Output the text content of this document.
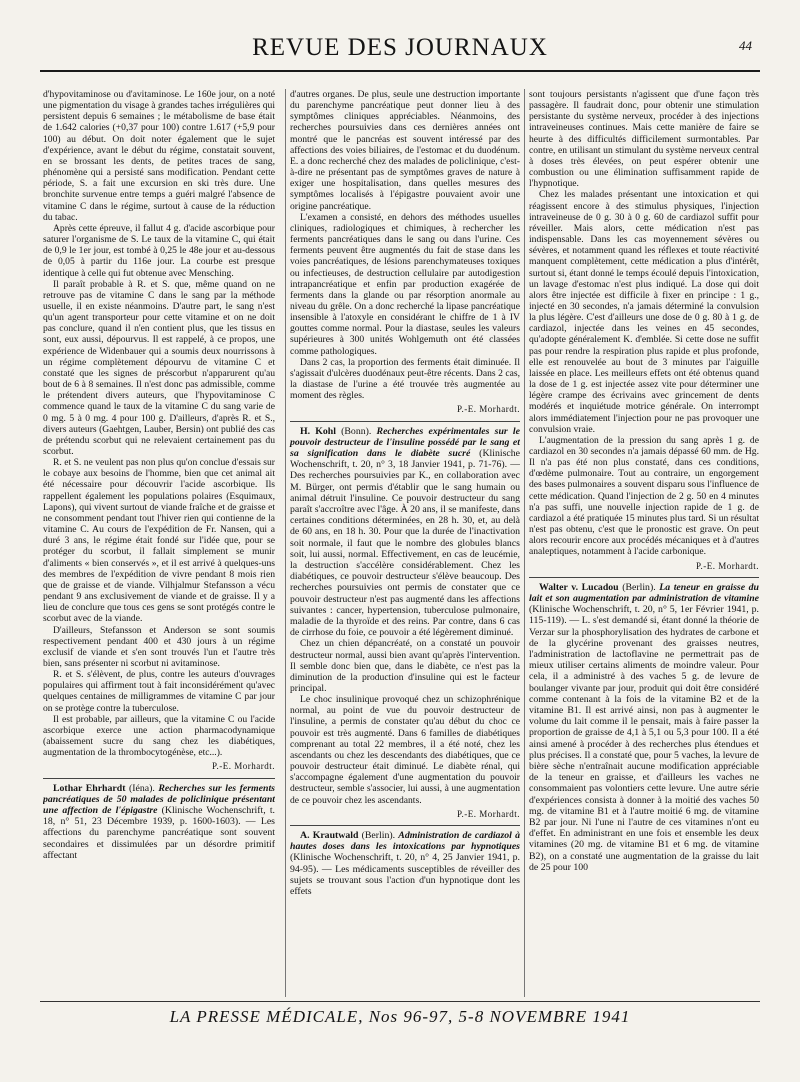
REVUE DES JOURNAUX	44

d'hypovitaminose ou d'avitaminose. Le 160e jour, on a noté une pigmentation du visage à grandes taches irrégulières qui persistent depuis 6 semaines ; le métabolisme de base était de 1.642 calories (+0,37 pour 100) contre 1.617 (+5,9 pour 100) au début. On doit noter également que le sujet d'expérience, avant le début du régime, constatait souvent, en se brossant les dents, de petites traces de sang, phénomène qui a persisté sans modification. Pendant cette période, S. a fait une excursion en ski très dure. Une bronchite survenue entre temps a guéri malgré l'absence de vitamine C dans le régime, surtout à cause de la réduction du tabac.

Après cette épreuve, il fallut 4 g. d'acide ascorbique pour saturer l'organisme de S. Le taux de la vitamine C, qui était de 0,9 le 1er jour, est tombé à 0,25 le 48e jour et au-dessous de 0,05 à partir du 116e jour. La courbe est presque identique à celle qui fut obtenue avec Mensching.

Il paraît probable à R. et S. que, même quand on ne retrouve pas de vitamine C dans le sang par la méthode usuelle, il en existe néanmoins. D'autre part, le sang n'est qu'un agent transporteur pour cette vitamine et on ne doit pas conclure, quand il n'en contient plus, que les tissus en sont, eux aussi, dépourvus. Il est rappelé, à ce propos, une expérience de Widenbauer qui a soumis deux nourrissons à un régime complètement dépourvu de vitamine C et constaté que les signes de préscorbut n'apparurent qu'au bout de 6 à 8 semaines. Il n'est donc pas admissible, comme le prétendent divers auteurs, que l'hypovitaminose C commence quand le taux de la vitamine C du sang varie de 0 mg. 5 à 0 mg. 4 pour 100 g. D'ailleurs, d'après R. et S., divers auteurs (Gaehtgen, Lauber, Bersin) ont publié des cas de prétendu scorbut qui ne relevaient certainement pas du scorbut.

R. et S. ne veulent pas non plus qu'on conclue d'essais sur le cobaye aux besoins de l'homme, bien que cet animal ait été nécessaire pour découvrir l'acide ascorbique. Ils rappellent également les populations polaires (Esquimaux, Lapons), qui vivent surtout de viande fraîche et de graisse et ne consomment pendant tout l'hiver rien qui contienne de la vitamine C. Au cours de l'expédition de Fr. Nansen, qui a duré 3 ans, le régime était fondé sur l'idée que, pour se protéger du scorbut, il fallait simplement se munir d'aliments « bien conservés », et il est arrivé à quelques-uns des membres de l'expédition de vivre pendant 8 mois rien que de graisse et de viande. Vilhjalmur Stefansson a vécu pendant 9 ans exclusivement de viande et de graisse. Il y a lieu de conclure que tous ces gens se sont protégés contre le scorbut avec de la viande.

D'ailleurs, Stefansson et Anderson se sont soumis respectivement pendant 400 et 430 jours à un régime exclusif de viande et s'en sont trouvés l'un et l'autre très bien, sans présenter ni scorbut ni avitaminose.

R. et S. s'élèvent, de plus, contre les auteurs d'ouvrages populaires qui affirment tout à fait inconsidérément qu'avec quelques centaines de milligrammes de vitamine C par jour on se protège contre la tuberculose.

Il est probable, par ailleurs, que la vitamine C ou l'acide ascorbique exerce une action pharmacodynamique (abaissement sucre du sang chez les diabétiques, augmentation de la thrombocytogénèse, etc...).

P.-E. Morhardt.

Lothar Ehrhardt (Iéna). Recherches sur les ferments pancréatiques de 50 malades de policlinique présentant une affection de l'épigastre (Klinische Wochenschrift, t. 18, n° 51, 23 Décembre 1939, p. 1600-1603). — Les affections du parenchyme pancréatique sont souvent secondaires et dissimulées par un désordre primitif affectant

d'autres organes. De plus, seule une destruction importante du parenchyme pancréatique peut donner lieu à des symptômes cliniques appréciables. Néanmoins, des recherches poursuivies dans ces dernières années ont montré que le pancréas est souvent intéressé par des affections des voies biliaires, de l'estomac et du duodénum. E. a donc recherché chez des malades de policlinique, c'est-à-dire ne présentant pas de symptômes graves de nature à exiger une hospitalisation, dans quelles mesures des symptômes localisés à l'épigastre pouvaient avoir une origine pancréatique.

L'examen a consisté, en dehors des méthodes usuelles cliniques, radiologiques et chimiques, à rechercher les ferments pancréatiques dans le sang ou dans l'urine. Ces ferments peuvent être augmentés du fait de stase dans les voies pancréatiques, de lésions parenchymateuses toxiques ou infectieuses, de destruction cellulaire par autodigestion intrapancréatique et enfin par production exagérée de ferments dans la glande ou par résorption anormale au niveau du grêle. On a donc recherché la lipase pancréatique insensible à l'atoxyle en considérant le chiffre de 1 à IV gouttes comme normal. Pour la diastase, seules les valeurs supérieures à 300 unités Wohlgemuth ont été classées comme pathologiques.

Dans 2 cas, la proportion des ferments était diminuée. Il s'agissait d'ulcères duodénaux peut-être récents. Dans 2 cas, la diastase de l'urine a été trouvée très augmentée au moment des règles.

P.-E. Morhardt.

H. Kohl (Bonn). Recherches expérimentales sur le pouvoir destructeur de l'insuline possédé par le sang et sa signification dans le diabète sucré (Klinische Wochenschrift, t. 20, n° 3, 18 Janvier 1941, p. 71-76). — Des recherches poursuivies par K., en collaboration avec M. Bürger, ont permis d'établir que le sang humain ou animal détruit l'insuline. Ce pouvoir destructeur du sang paraît s'accroître avec l'âge. À 20 ans, il se manifeste, dans certaines conditions déterminées, en 28 h. 30, et, au delà de 60 ans, en 18 h. 30. Pour que la durée de l'inactivation soit normale, il faut que le nombre des globules blancs soit, lui aussi, normal. Effectivement, en cas de leucémie, la destruction s'accélère considérablement. Chez les diabétiques, ce pouvoir destructeur s'élève beaucoup. Des recherches poursuivies ont permis de constater que ce pouvoir destructeur n'est pas augmenté dans les affections suivantes : cancer, hypertension, tuberculose pulmonaire, maladie de la thyroïde et des reins. Par contre, dans 6 cas de cirrhose du foie, ce pouvoir a été légèrement diminué.

Chez un chien dépancréaté, on a constaté un pouvoir destructeur normal, aussi bien avant qu'après l'intervention. Il semble donc bien que, dans le diabète, ce n'est pas la diminution de la production d'insuline qui est le facteur principal.

Le choc insulinique provoqué chez un schizophrénique normal, au point de vue du pouvoir destructeur de l'insuline, a permis de constater qu'au début du choc ce pouvoir est très augmenté. Dans 6 familles de diabétiques comprenant au total 22 membres, il a été noté, chez les ascendants ou chez les descendants des diabétiques, que ce pouvoir destructeur était diminué. Le diabète rénal, qui s'accompagne également d'une augmentation du pouvoir destructeur, semble s'associer, lui aussi, à une augmentation de ce pouvoir chez les ascendants.

P.-E. Morhardt.

A. Krautwald (Berlin). Administration de cardiazol à hautes doses dans les intoxications par hypnotiques (Klinische Wochenschrift, t. 20, n° 4, 25 Janvier 1941, p. 94-95). — Les médicaments susceptibles de réveiller des sujets se trouvant sous l'action d'un hypnotique dont les effets

sont toujours persistants n'agissent que d'une façon très passagère. Il faudrait donc, pour obtenir une stimulation persistante du système nerveux, procéder à des injections intraveineuses continues. Mais cette manière de faire se heurte à des difficultés difficilement surmontables. Par contre, en utilisant un stimulant du système nerveux central à doses très élevées, on peut espérer obtenir une combustion ou une élimination suffisamment rapide de l'hypnotique.

Chez les malades présentant une intoxication et qui réagissent encore à des stimulus physiques, l'injection intraveineuse de 0 g. 30 à 0 g. 60 de cardiazol suffit pour réveiller. Mais alors, cette médication n'est pas indispensable. Dans les cas moyennement sévères ou sévères, et notamment quand les réflexes et toute réactivité manquent complètement, cette médication a plus d'intérêt, surtout si, étant donné le temps écoulé depuis l'intoxication, un lavage d'estomac n'est plus indiqué. La dose qui doit alors être injectée est difficile à fixer en principe : 1 g., injecté en 30 secondes, n'a jamais déterminé la convulsion la plus légère. C'est d'ailleurs une dose de 0 g. 80 à 1 g. de cardiazol, injectée dans les veines en 45 secondes, qu'adopte généralement K. d'emblée. Si cette dose ne suffit pas pour rendre la respiration plus rapide et plus profonde, elle est renouvelée au bout de 3 minutes par l'aiguille laissée en place. Les meilleurs effets ont été obtenus quand la dose de 1 g. est injectée assez vite pour déterminer une légère crampe des écrivains avec grincement de dents modérés et inquiétude motrice générale. On interrompt alors immédiatement l'injection pour ne pas provoquer une convulsion vraie.

L'augmentation de la pression du sang après 1 g. de cardiazol en 30 secondes n'a jamais dépassé 60 mm. de Hg. Il n'a pas été non plus constaté, dans ces conditions, d'œdème pulmonaire. Tout au contraire, un engorgement des bases pulmonaires a souvent disparu sous l'influence de cette médication. Quand l'injection de 2 g. 50 en 4 minutes n'a pas suffi, une nouvelle injection rapide de 1 g. de cardiazol a été pratiquée 15 minutes plus tard. Si un résultat n'est pas obtenu, c'est que le pronostic est grave. On peut alors recourir encore aux procédés mécaniques et à d'autres analeptiques, notamment à l'acide carbonique.

P.-E. Morhardt.

Walter v. Lucadou (Berlin). La teneur en graisse du lait et son augmentation par administration de vitamine (Klinische Wochenschrift, t. 20, n° 5, 1er Février 1941, p. 115-119). — L. s'est demandé si, étant donné la théorie de Verzar sur la phosphorylisation des hydrates de carbone et de la glycérine provenant des graisses neutres, l'administration de lactoflavine ne permettrait pas de mieux utiliser certains aliments de moindre valeur. Pour cela, il a administré à des vaches 5 g. de levure de boulanger vivante par jour, produit qui doit être considéré comme contenant à la fois de la vitamine B2 et de la vitamine B1. Il est arrivé ainsi, non pas à augmenter le volume du lait comme il le pensait, mais à faire passer la proportion de graisse de 4,1 à 5,1 ou 5,3 pour 100. Il a été ainsi amené à procéder à des recherches plus étendues et plus précises. Il a constaté que, pour 5 vaches, la levure de bière sèche n'entraînait aucune modification appréciable de la teneur en graisse, et d'ailleurs les vaches ne consommaient pas volontiers cette levure. Une autre série d'expériences consista à donner à la moitié des vaches 50 mg. de vitamine B1 et à l'autre moitié 6 mg. de vitamine B2 par jour. Ni l'une ni l'autre de ces vitamines n'ont eu d'effet. En administrant en une fois et ensemble les deux vitamines (20 mg. de vitamine B1 et 6 mg. de vitamine B2), on a constaté une augmentation de la graisse du lait de 25 pour 100

LA PRESSE MÉDICALE, Nos 96-97, 5-8 NOVEMBRE 1941
